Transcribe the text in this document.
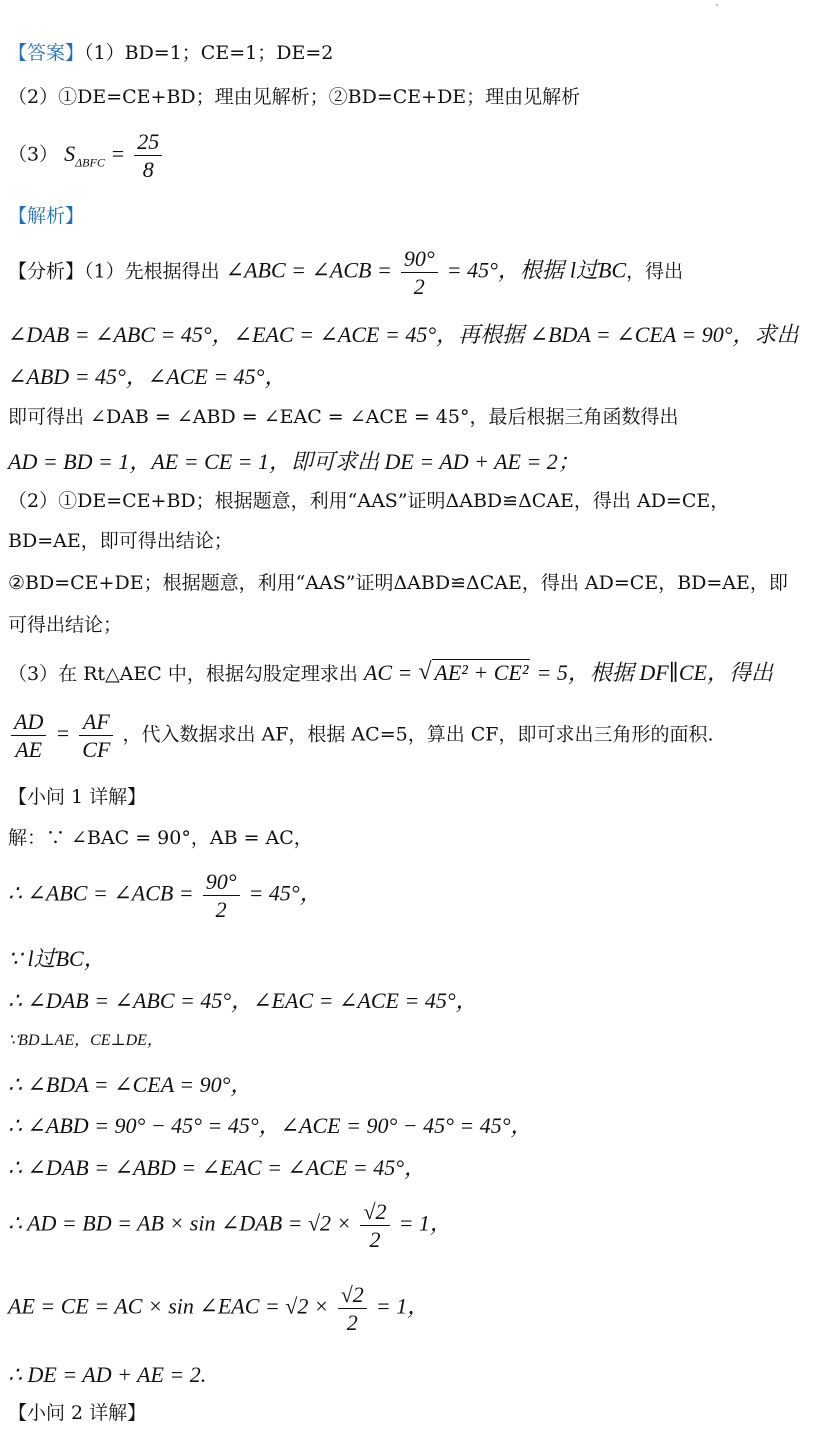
【答案】（1）BD=1；CE=1；DE=2
（2）①DE=CE+BD；理由见解析；②BD=CE+DE；理由见解析
（3） $S_{\Delta BFC} = \frac{25}{8}$
【解析】
【分析】（1）先根据得出 ∠ABC = ∠ACB = $\frac{90^\circ}{2} = 45^\circ$，根据 l过BC，得出
∠DAB = ∠ABC = 45°，∠EAC = ∠ACE = 45°，再根据 ∠BDA = ∠CEA = 90°，求出
∠ABD = 45°，∠ACE = 45°，
即可得出 ∠DAB = ∠ABD = ∠EAC = ∠ACE = 45°，最后根据三角函数得出
AD = BD = 1，AE = CE = 1，即可求出 DE = AD + AE = 2；
（2）①DE=CE+BD；根据题意，利用“AAS”证明ΔABD≌ΔCAE，得出 AD=CE，
BD=AE，即可得出结论；
②BD=CE+DE；根据题意，利用“AAS”证明ΔABD≌ΔCAE，得出 AD=CE，BD=AE，即
可得出结论；
（3）在 Rt△AEC 中，根据勾股定理求出 AC = √ AE² + CE² = 5，根据 DF∥CE，得出
$\frac{AD}{AE} = \frac{AF}{CF}$ ，代入数据求出 AF，根据 AC=5，算出 CF，即可求出三角形的面积.
【小问 1 详解】
解：∵ ∠BAC = 90°，AB = AC，
∴ ∠ABC = ∠ACB = $\frac{90^\circ}{2} = 45^\circ$，
∵ l过BC，
∴ ∠DAB = ∠ABC = 45°，∠EAC = ∠ACE = 45°，
∵BD⊥AE，CE⊥DE，
∴ ∠BDA = ∠CEA = 90°，
∴ ∠ABD = 90° − 45° = 45°，∠ACE = 90° − 45° = 45°，
∴ ∠DAB = ∠ABD = ∠EAC = ∠ACE = 45°，
∴ AD = BD = AB × sin ∠DAB = $√2 \times \frac{√2}{2} = 1$，
AE = CE = AC × sin ∠EAC = $√2 \times \frac{√2}{2} = 1$，
∴ DE = AD + AE = 2.
【小问 2 详解】
